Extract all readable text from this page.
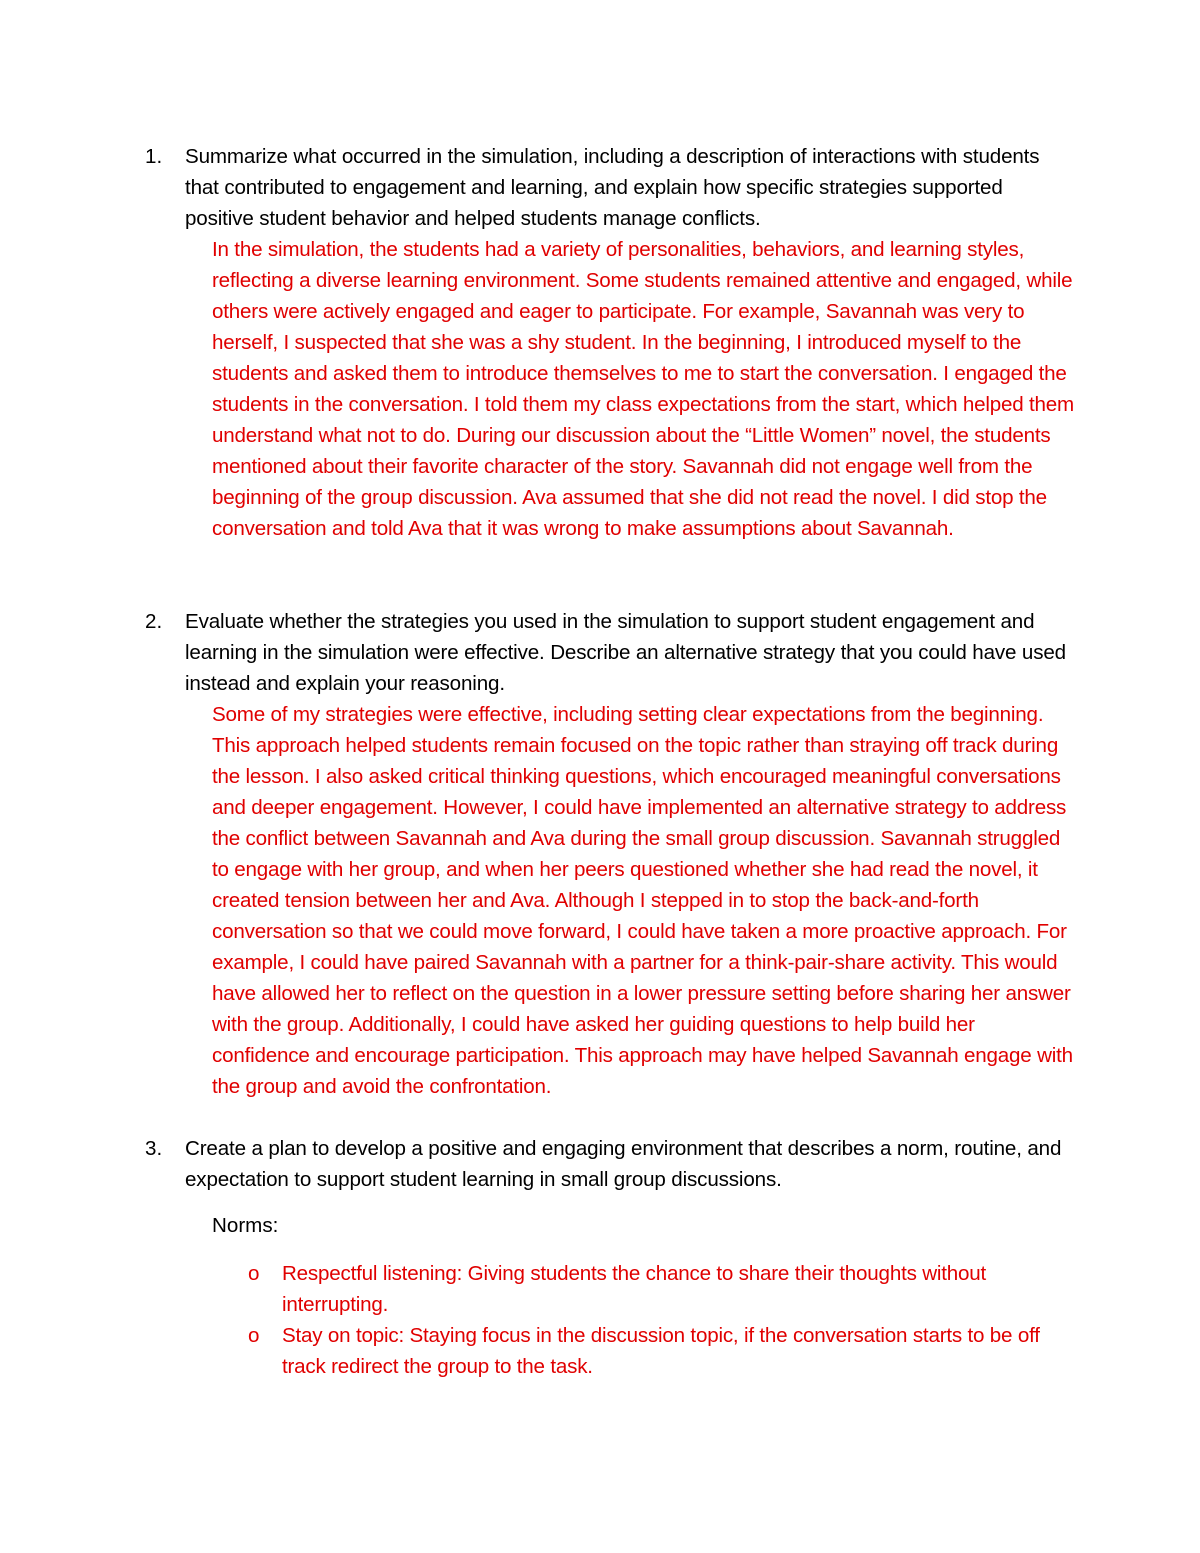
1.	Summarize what occurred in the simulation, including a description of interactions with students that contributed to engagement and learning, and explain how specific strategies supported positive student behavior and helped students manage conflicts.
In the simulation, the students had a variety of personalities, behaviors, and learning styles, reflecting a diverse learning environment. Some students remained attentive and engaged, while others were actively engaged and eager to participate. For example, Savannah was very to herself, I suspected that she was a shy student. In the beginning, I introduced myself to the students and asked them to introduce themselves to me to start the conversation. I engaged the students in the conversation. I told them my class expectations from the start, which helped them understand what not to do. During our discussion about the “Little Women” novel, the students mentioned about their favorite character of the story. Savannah did not engage well from the beginning of the group discussion. Ava assumed that she did not read the novel. I did stop the conversation and told Ava that it was wrong to make assumptions about Savannah.
2.	Evaluate whether the strategies you used in the simulation to support student engagement and learning in the simulation were effective. Describe an alternative strategy that you could have used instead and explain your reasoning.
Some of my strategies were effective, including setting clear expectations from the beginning. This approach helped students remain focused on the topic rather than straying off track during the lesson. I also asked critical thinking questions, which encouraged meaningful conversations and deeper engagement. However, I could have implemented an alternative strategy to address the conflict between Savannah and Ava during the small group discussion. Savannah struggled to engage with her group, and when her peers questioned whether she had read the novel, it created tension between her and Ava. Although I stepped in to stop the back-and-forth conversation so that we could move forward, I could have taken a more proactive approach. For example, I could have paired Savannah with a partner for a think-pair-share activity. This would have allowed her to reflect on the question in a lower pressure setting before sharing her answer with the group. Additionally, I could have asked her guiding questions to help build her confidence and encourage participation. This approach may have helped Savannah engage with the group and avoid the confrontation.
3.	Create a plan to develop a positive and engaging environment that describes a norm, routine, and expectation to support student learning in small group discussions.
Norms:
o Respectful listening: Giving students the chance to share their thoughts without interrupting.
o Stay on topic: Staying focus in the discussion topic, if the conversation starts to be off track redirect the group to the task.
